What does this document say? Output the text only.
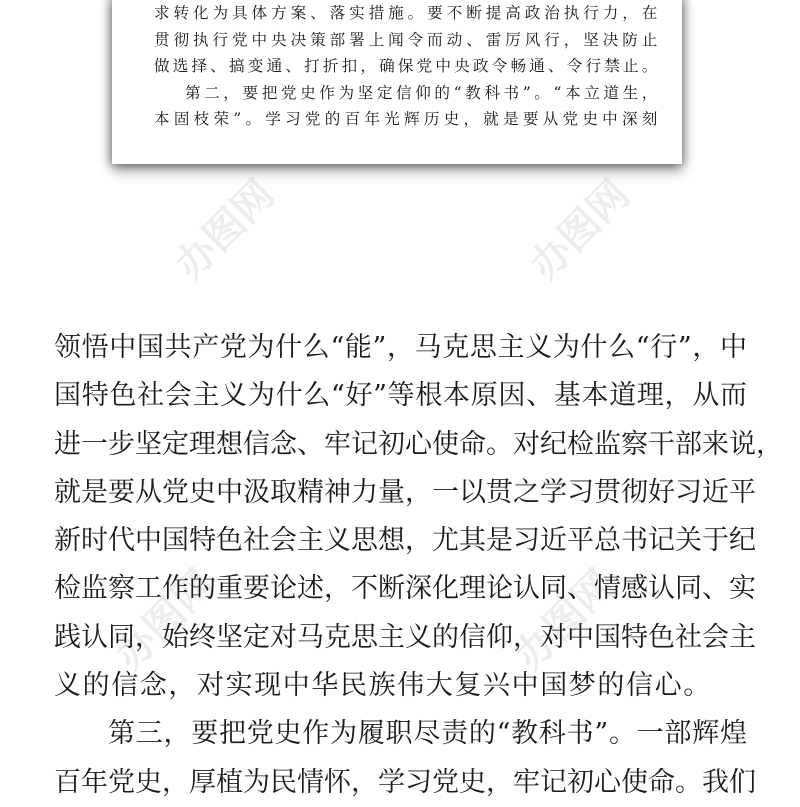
办图网	办图网
办图网	办图网
求转化为具体方案、落实措施。要不断提高政治执行力，在
贯彻执行党中央决策部署上闻令而动、雷厉风行，坚决防止
做选择、搞变通、打折扣，确保党中央政令畅通、令行禁止。
第二，要把党史作为坚定信仰的“教科书”。“本立道生，
本固枝荣”。学习党的百年光辉历史，就是要从党史中深刻
领悟中国共产党为什么“能”，马克思主义为什么“行”，中
国特色社会主义为什么“好”等根本原因、基本道理，从而
进一步坚定理想信念、牢记初心使命。对纪检监察干部来说，
就是要从党史中汲取精神力量，一以贯之学习贯彻好习近平
新时代中国特色社会主义思想，尤其是习近平总书记关于纪
检监察工作的重要论述，不断深化理论认同、情感认同、实
践认同，始终坚定对马克思主义的信仰，对中国特色社会主
义的信念，对实现中华民族伟大复兴中国梦的信心。
第三，要把党史作为履职尽责的“教科书”。一部辉煌
百年党史，厚植为民情怀，学习党史，牢记初心使命。我们
